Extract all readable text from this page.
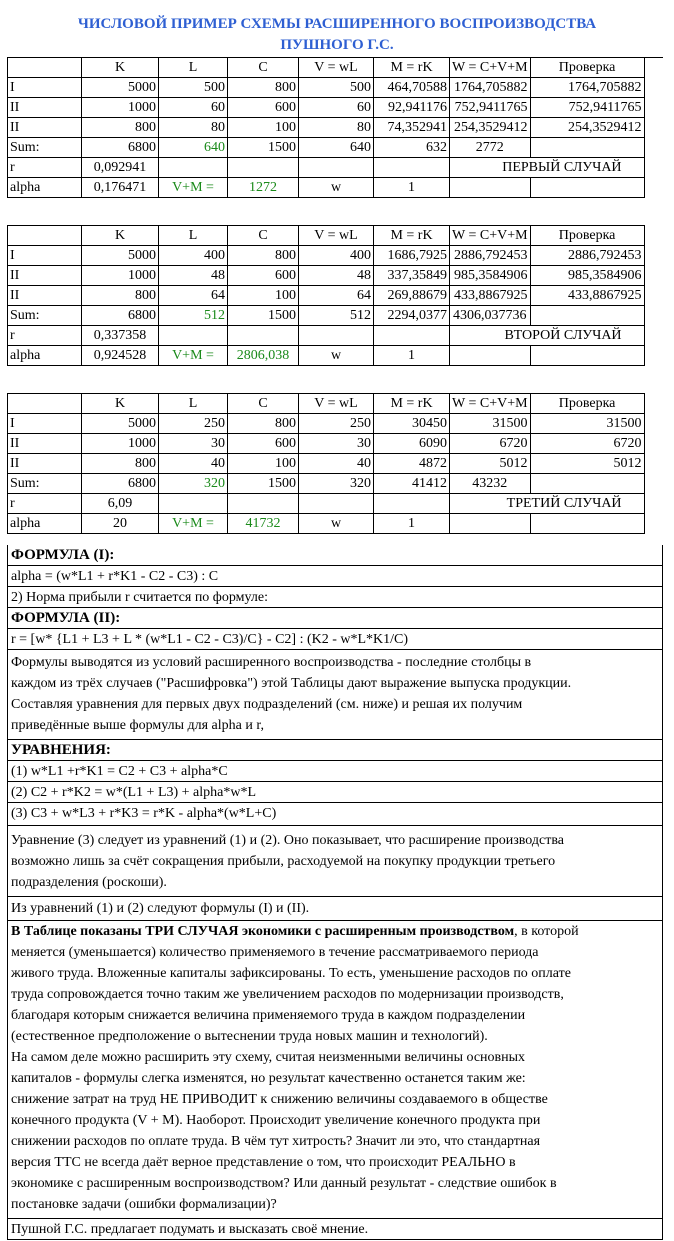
ЧИСЛОВОЙ ПРИМЕР СХЕМЫ РАСШИРЕННОГО ВОСПРОИЗВОДСТВА
ПУШНОГО Г.С.
	K	L	C	V = wL	M = rK	W = C+V+M	Проверка
I	5000	500	800	500	464,70588	1764,705882	1764,705882
II	1000	60	600	60	92,941176	752,9411765	752,9411765
II	800	80	100	80	74,352941	254,3529412	254,3529412
Sum:	6800	640	1500	640	632	2772	
r	0,092941					ПЕРВЫЙ СЛУЧАЙ	
alpha	0,176471	V+M =	1272	w	1		
	K	L	C	V = wL	M = rK	W = C+V+M	Проверка
I	5000	400	800	400	1686,7925	2886,792453	2886,792453
II	1000	48	600	48	337,35849	985,3584906	985,3584906
II	800	64	100	64	269,88679	433,8867925	433,8867925
Sum:	6800	512	1500	512	2294,0377	4306,037736	
r	0,337358					ВТОРОЙ СЛУЧАЙ	
alpha	0,924528	V+M =	2806,038	w	1		
	K	L	C	V = wL	M = rK	W = C+V+M	Проверка
I	5000	250	800	250	30450	31500	31500
II	1000	30	600	30	6090	6720	6720
II	800	40	100	40	4872	5012	5012
Sum:	6800	320	1500	320	41412	43232	
r	6,09					ТРЕТИЙ СЛУЧАЙ	
alpha	20	V+M =	41732	w	1		
ФОРМУЛА (I):
alpha = (w*L1 + r*K1 - C2 - C3) : C
2) Норма прибыли r считается по формуле:
ФОРМУЛА (II):
r = [w* {L1 + L3 + L * (w*L1 - C2 - C3)/C} - C2] : (K2 - w*L*K1/C)
Формулы выводятся из условий расширенного воспроизводства - последние столбцы в
каждом из трёх случаев ("Расшифровка") этой Таблицы дают выражение выпуска продукции.
Составляя уравнения для первых двух подразделений (см. ниже) и решая их получим
приведённые выше формулы для alpha и r,
УРАВНЕНИЯ:
(1) w*L1 +r*K1 = C2 + C3 + alpha*C
(2) C2 + r*K2 = w*(L1 + L3) + alpha*w*L
(3) C3 + w*L3 + r*K3 = r*K - alpha*(w*L+C)
Уравнение (3) следует из уравнений (1) и (2). Оно показывает, что расширение производства
возможно лишь за счёт сокращения прибыли, расходуемой на покупку продукции третьего
подразделения (роскоши).
Из уравнений (1) и (2) следуют формулы (I) и (II).
В Таблице показаны ТРИ СЛУЧАЯ экономики с расширенным производством, в которой
меняется (уменьшается) количество применяемого в течение рассматриваемого периода
живого труда. Вложенные капиталы зафиксированы. То есть, уменьшение расходов по оплате
труда сопровождается точно таким же увеличением расходов по модернизации производств,
благодаря которым снижается величина применяемого труда в каждом подразделении
(естественное предположение о вытеснении труда новых машин и технологий).
На самом деле можно расширить эту схему, считая неизменными величины основных
капиталов - формулы слегка изменятся, но результат качественно останется таким же:
снижение затрат на труд НЕ ПРИВОДИТ к снижению величины создаваемого в обществе
конечного продукта (V + M). Наоборот. Происходит увеличение конечного продукта при
снижении расходов по оплате труда. В чём тут хитрость? Значит ли это, что стандартная
версия ТТС не всегда даёт верное представление о том, что происходит РЕАЛЬНО в
экономике с расширенным воспроизводством? Или данный результат - следствие ошибок в
постановке задачи (ошибки формализации)?
Пушной Г.С. предлагает подумать и высказать своё мнение.
